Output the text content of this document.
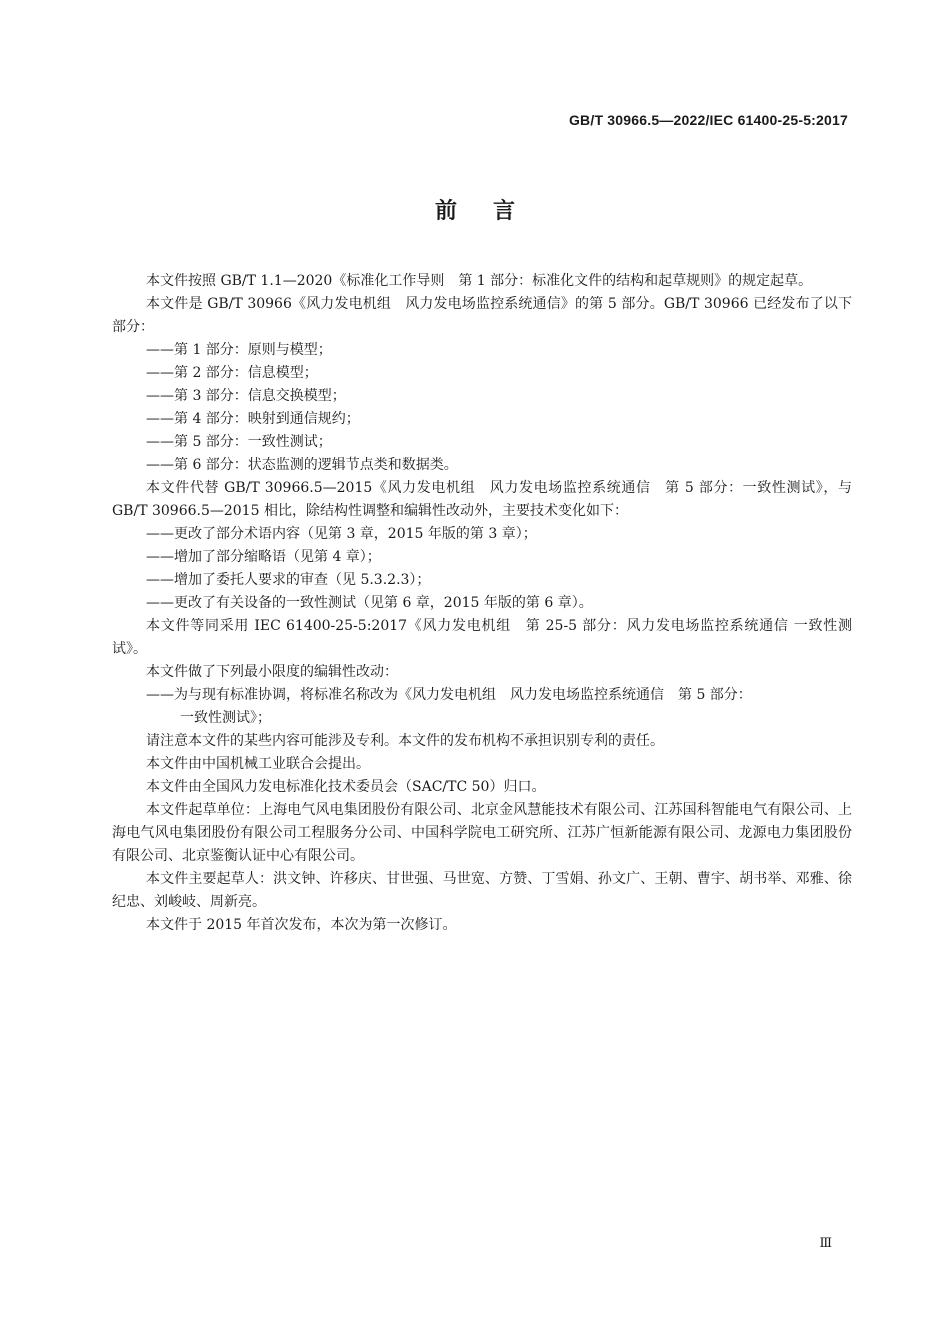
GB/T 30966.5—2022/IEC 61400-25-5:2017
前言
本文件按照 GB/T 1.1—2020《标准化工作导则　第 1 部分：标准化文件的结构和起草规则》的规定起草。
本文件是 GB/T 30966《风力发电机组　风力发电场监控系统通信》的第 5 部分。GB/T 30966 已经发布了以下部分：
——第 1 部分：原则与模型；
——第 2 部分：信息模型；
——第 3 部分：信息交换模型；
——第 4 部分：映射到通信规约；
——第 5 部分：一致性测试；
——第 6 部分：状态监测的逻辑节点类和数据类。
本文件代替 GB/T 30966.5—2015《风力发电机组　风力发电场监控系统通信　第 5 部分：一致性测试》，与 GB/T 30966.5—2015 相比，除结构性调整和编辑性改动外，主要技术变化如下：
——更改了部分术语内容（见第 3 章，2015 年版的第 3 章）；
——增加了部分缩略语（见第 4 章）；
——增加了委托人要求的审查（见 5.3.2.3）；
——更改了有关设备的一致性测试（见第 6 章，2015 年版的第 6 章）。
本文件等同采用 IEC 61400-25-5:2017《风力发电机组　第 25-5 部分：风力发电场监控系统通信 一致性测试》。
本文件做了下列最小限度的编辑性改动：
——为与现有标准协调，将标准名称改为《风力发电机组　风力发电场监控系统通信　第 5 部分：
一致性测试》；
请注意本文件的某些内容可能涉及专利。本文件的发布机构不承担识别专利的责任。
本文件由中国机械工业联合会提出。
本文件由全国风力发电标准化技术委员会（SAC/TC 50）归口。
本文件起草单位：上海电气风电集团股份有限公司、北京金风慧能技术有限公司、江苏国科智能电气有限公司、上海电气风电集团股份有限公司工程服务分公司、中国科学院电工研究所、江苏广恒新能源有限公司、龙源电力集团股份有限公司、北京鉴衡认证中心有限公司。
本文件主要起草人：洪文钟、许移庆、甘世强、马世宽、方赞、丁雪娟、孙文广、王朝、曹宇、胡书举、邓雅、徐纪忠、刘峻岐、周新亮。
本文件于 2015 年首次发布，本次为第一次修订。
Ⅲ
